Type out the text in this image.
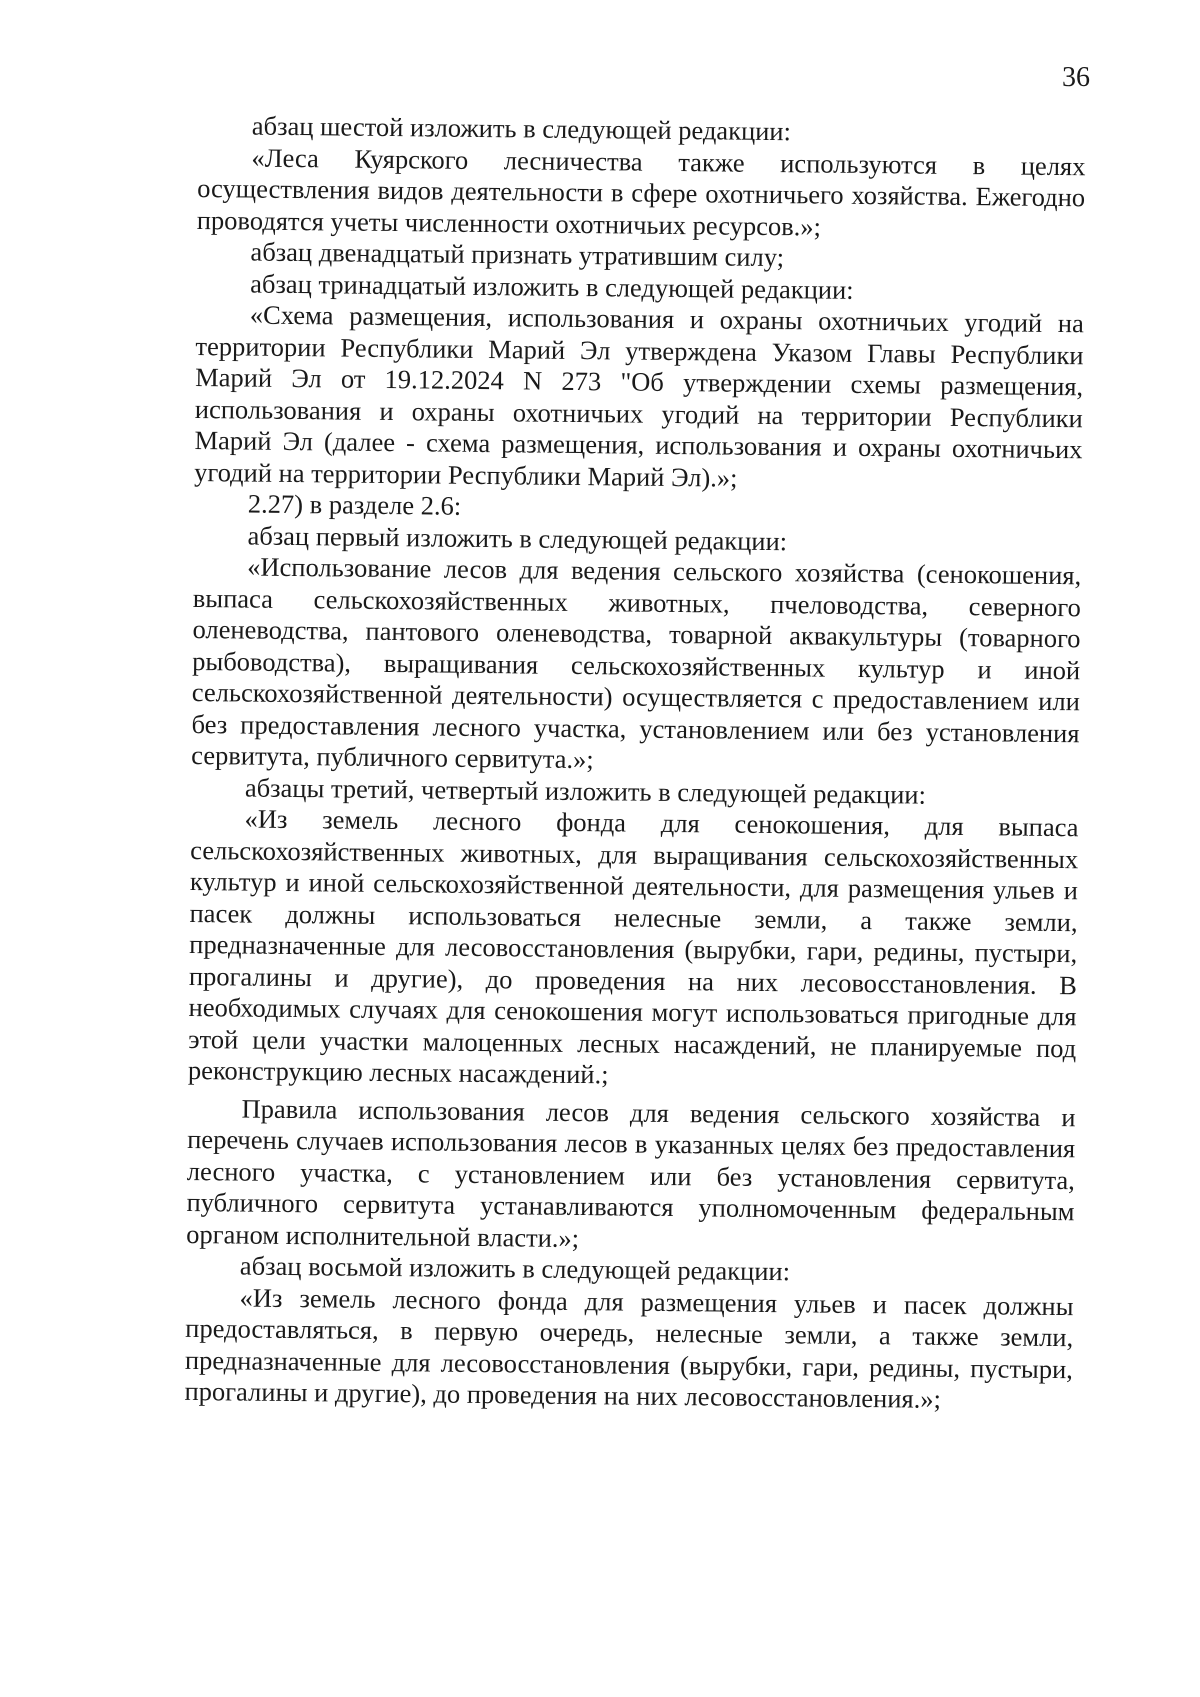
36

абзац шестой изложить в следующей редакции:

«Леса Куярского лесничества также используются в целях осуществления видов деятельности в сфере охотничьего хозяйства. Ежегодно проводятся учеты численности охотничьих ресурсов.»;

абзац двенадцатый признать утратившим силу;

абзац тринадцатый изложить в следующей редакции:

«Схема размещения, использования и охраны охотничьих угодий на территории Республики Марий Эл утверждена Указом Главы Республики Марий Эл от 19.12.2024 N 273 "Об утверждении схемы размещения, использования и охраны охотничьих угодий на территории Республики Марий Эл (далее - схема размещения, использования и охраны охотничьих угодий на территории Республики Марий Эл).»;

2.27) в разделе 2.6:

абзац первый изложить в следующей редакции:

«Использование лесов для ведения сельского хозяйства (сенокошения, выпаса сельскохозяйственных животных, пчеловодства, северного оленеводства, пантового оленеводства, товарной аквакультуры (товарного рыбоводства), выращивания сельскохозяйственных культур и иной сельскохозяйственной деятельности) осуществляется с предоставлением или без предоставления лесного участка, установлением или без установления сервитута, публичного сервитута.»;

абзацы третий, четвертый изложить в следующей редакции:

«Из земель лесного фонда для сенокошения, для выпаса сельскохозяйственных животных, для выращивания сельскохозяйственных культур и иной сельскохозяйственной деятельности, для размещения ульев и пасек должны использоваться нелесные земли, а также земли, предназначенные для лесовосстановления (вырубки, гари, редины, пустыри, прогалины и другие), до проведения на них лесовосстановления. В необходимых случаях для сенокошения могут использоваться пригодные для этой цели участки малоценных лесных насаждений, не планируемые под реконструкцию лесных насаждений.;

Правила использования лесов для ведения сельского хозяйства и перечень случаев использования лесов в указанных целях без предоставления лесного участка, с установлением или без установления сервитута, публичного сервитута устанавливаются уполномоченным федеральным органом исполнительной власти.»;

абзац восьмой изложить в следующей редакции:

«Из земель лесного фонда для размещения ульев и пасек должны предоставляться, в первую очередь, нелесные земли, а также земли, предназначенные для лесовосстановления (вырубки, гари, редины, пустыри, прогалины и другие), до проведения на них лесовосстановления.»;
